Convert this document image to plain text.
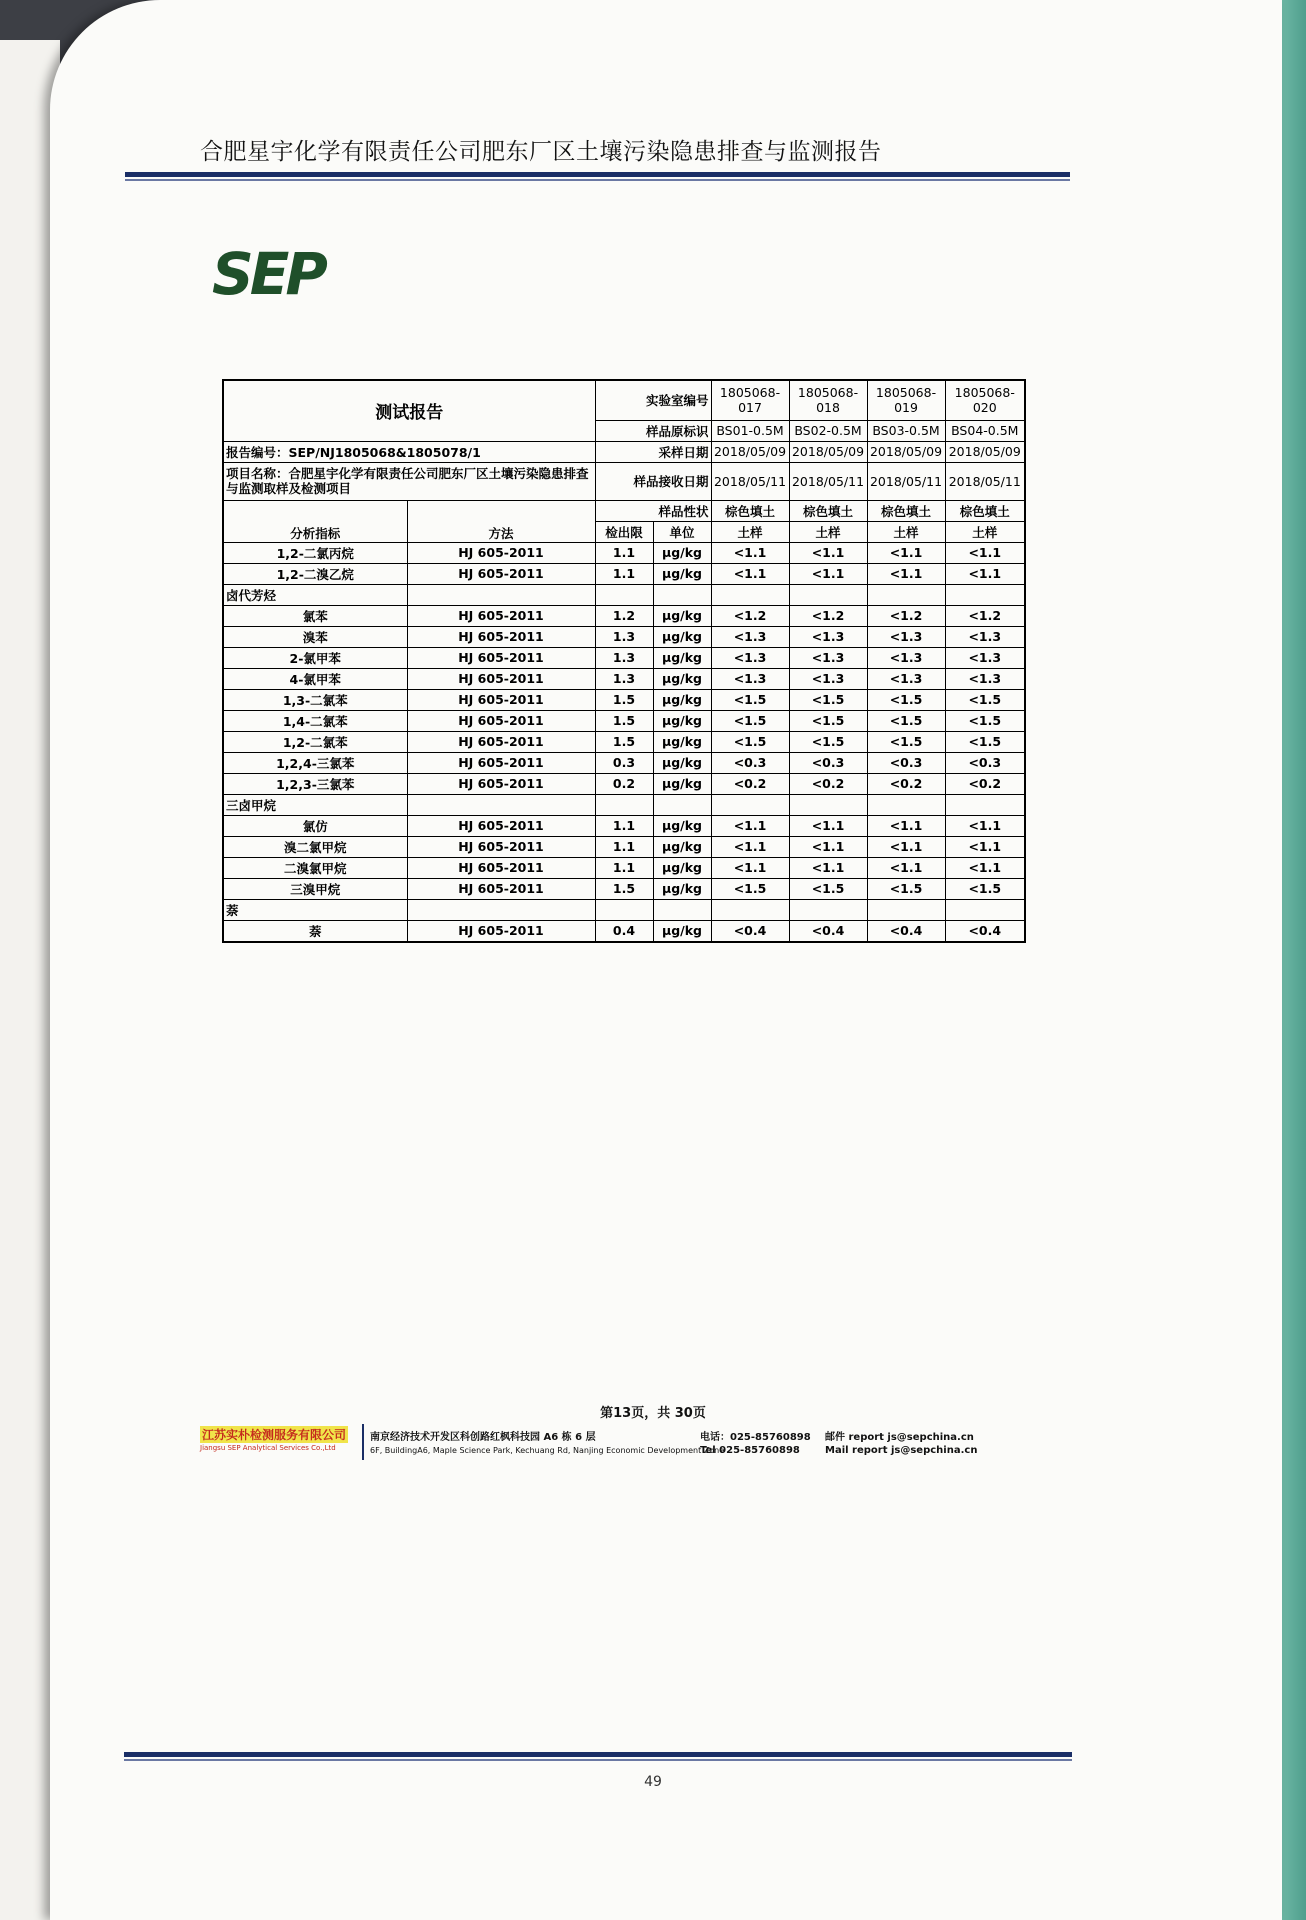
合肥星宇化学有限责任公司肥东厂区土壤污染隐患排查与监测报告
SEP
测试报告		实验室编号		1805068-017	1805068-018	1805068-019	1805068-020
		样品原标识		BS01-0.5M	BS02-0.5M	BS03-0.5M	BS04-0.5M
报告编号：SEP/NJ1805068&1805078/1		采样日期		2018/05/09	2018/05/09	2018/05/09	2018/05/09
项目名称：合肥星宇化学有限责任公司肥东厂区土壤污染隐患排查与监测取样及检测项目		样品接收日期		2018/05/11	2018/05/11	2018/05/11	2018/05/11
分析指标	方法	样品性状		棕色填土	棕色填土	棕色填土	棕色填土
		检出限	单位	土样	土样	土样	土样
1,2-二氯丙烷	HJ 605-2011	1.1	μg/kg	<1.1	<1.1	<1.1	<1.1
1,2-二溴乙烷	HJ 605-2011	1.1	μg/kg	<1.1	<1.1	<1.1	<1.1
卤代芳烃							
氯苯	HJ 605-2011	1.2	μg/kg	<1.2	<1.2	<1.2	<1.2
溴苯	HJ 605-2011	1.3	μg/kg	<1.3	<1.3	<1.3	<1.3
2-氯甲苯	HJ 605-2011	1.3	μg/kg	<1.3	<1.3	<1.3	<1.3
4-氯甲苯	HJ 605-2011	1.3	μg/kg	<1.3	<1.3	<1.3	<1.3
1,3-二氯苯	HJ 605-2011	1.5	μg/kg	<1.5	<1.5	<1.5	<1.5
1,4-二氯苯	HJ 605-2011	1.5	μg/kg	<1.5	<1.5	<1.5	<1.5
1,2-二氯苯	HJ 605-2011	1.5	μg/kg	<1.5	<1.5	<1.5	<1.5
1,2,4-三氯苯	HJ 605-2011	0.3	μg/kg	<0.3	<0.3	<0.3	<0.3
1,2,3-三氯苯	HJ 605-2011	0.2	μg/kg	<0.2	<0.2	<0.2	<0.2
三卤甲烷							
氯仿	HJ 605-2011	1.1	μg/kg	<1.1	<1.1	<1.1	<1.1
溴二氯甲烷	HJ 605-2011	1.1	μg/kg	<1.1	<1.1	<1.1	<1.1
二溴氯甲烷	HJ 605-2011	1.1	μg/kg	<1.1	<1.1	<1.1	<1.1
三溴甲烷	HJ 605-2011	1.5	μg/kg	<1.5	<1.5	<1.5	<1.5
萘							
萘	HJ 605-2011	0.4	μg/kg	<0.4	<0.4	<0.4	<0.4
第13页，共 30页
江苏实朴检测服务有限公司
Jiangsu SEP Analytical Services Co.,Ltd
南京经济技术开发区科创路红枫科技园 A6 栋 6 层
6F, BuildingA6, Maple Science Park, Kechuang Rd, Nanjing Economic Development Zone
电话：025-85760898
Tel 025-85760898
邮件 report js@sepchina.cn
Mail report js@sepchina.cn
49
